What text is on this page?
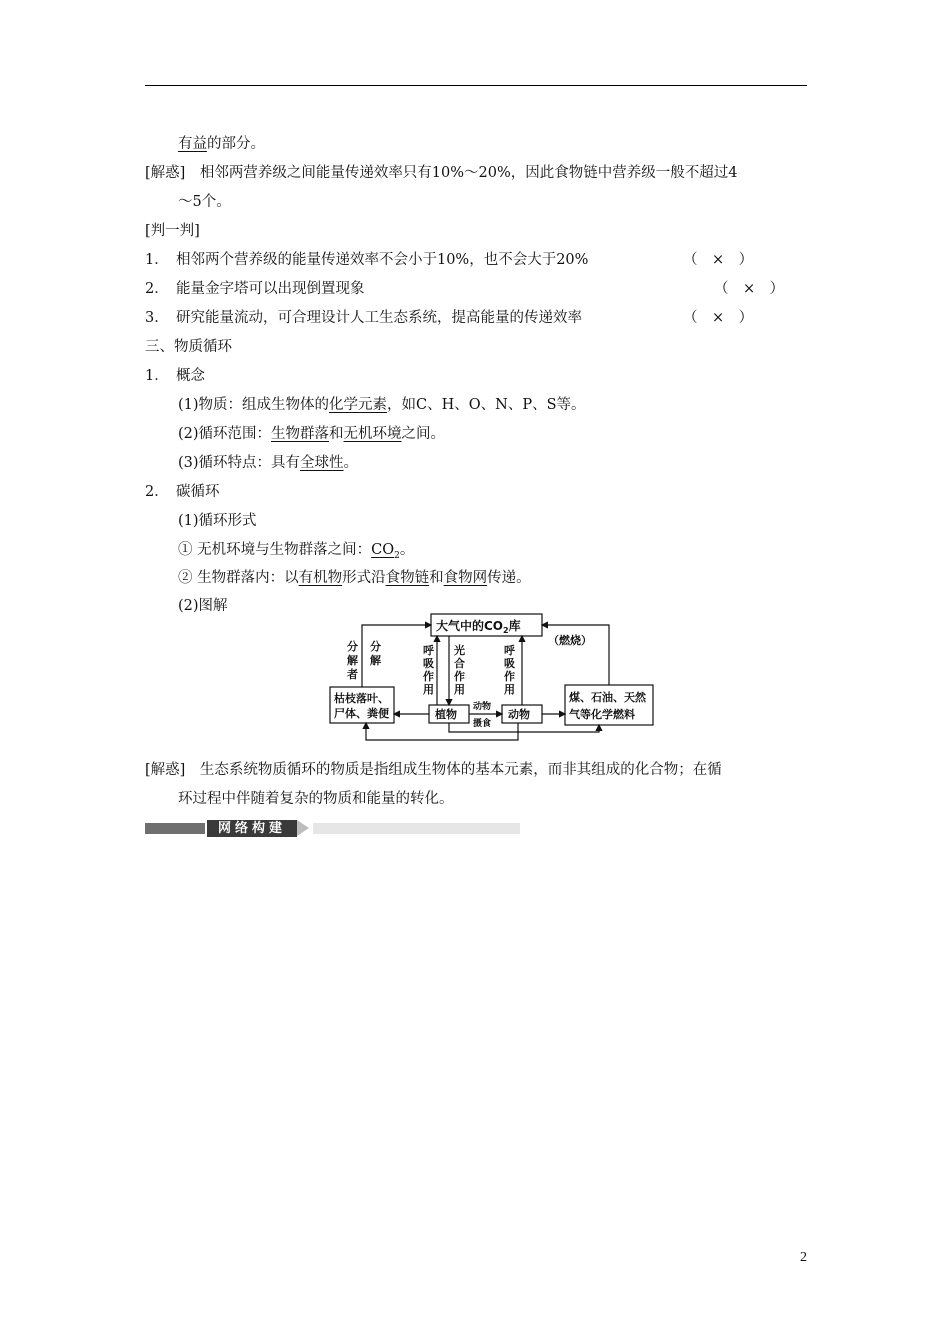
有益的部分。
[解惑]　相邻两营养级之间能量传递效率只有10%～20%，因此食物链中营养级一般不超过4
～5个。
[判一判]
1．　相邻两个营养级的能量传递效率不会小于10%，也不会大于20%	（　×　）
2．　能量金字塔可以出现倒置现象	（　×　）
3．　研究能量流动，可合理设计人工生态系统，提高能量的传递效率	（　×　）
三、物质循环
1．　概念
(1)物质：组成生物体的化学元素，如C、H、O、N、P、S等。
(2)循环范围：生物群落和无机环境之间。
(3)循环特点：具有全球性。
2．　碳循环
(1)循环形式
① 无机环境与生物群落之间：$CO_2$。
② 生物群落内：以有机物形式沿食物链和食物网传递。
(2)图解
大气中的$CO_2$库
（燃烧）
分 解 者
分 解
呼 吸 作 用
光 合 作 用
呼 吸 作 用
枯枝落叶、 尸体、粪便	植物	动物
动物
摄食
煤、石油、天然 气等化学燃料
[解惑]　生态系统物质循环的物质是指组成生物体的基本元素，而非其组成的化合物；在循
环过程中伴随着复杂的物质和能量的转化。
网络构建
2
